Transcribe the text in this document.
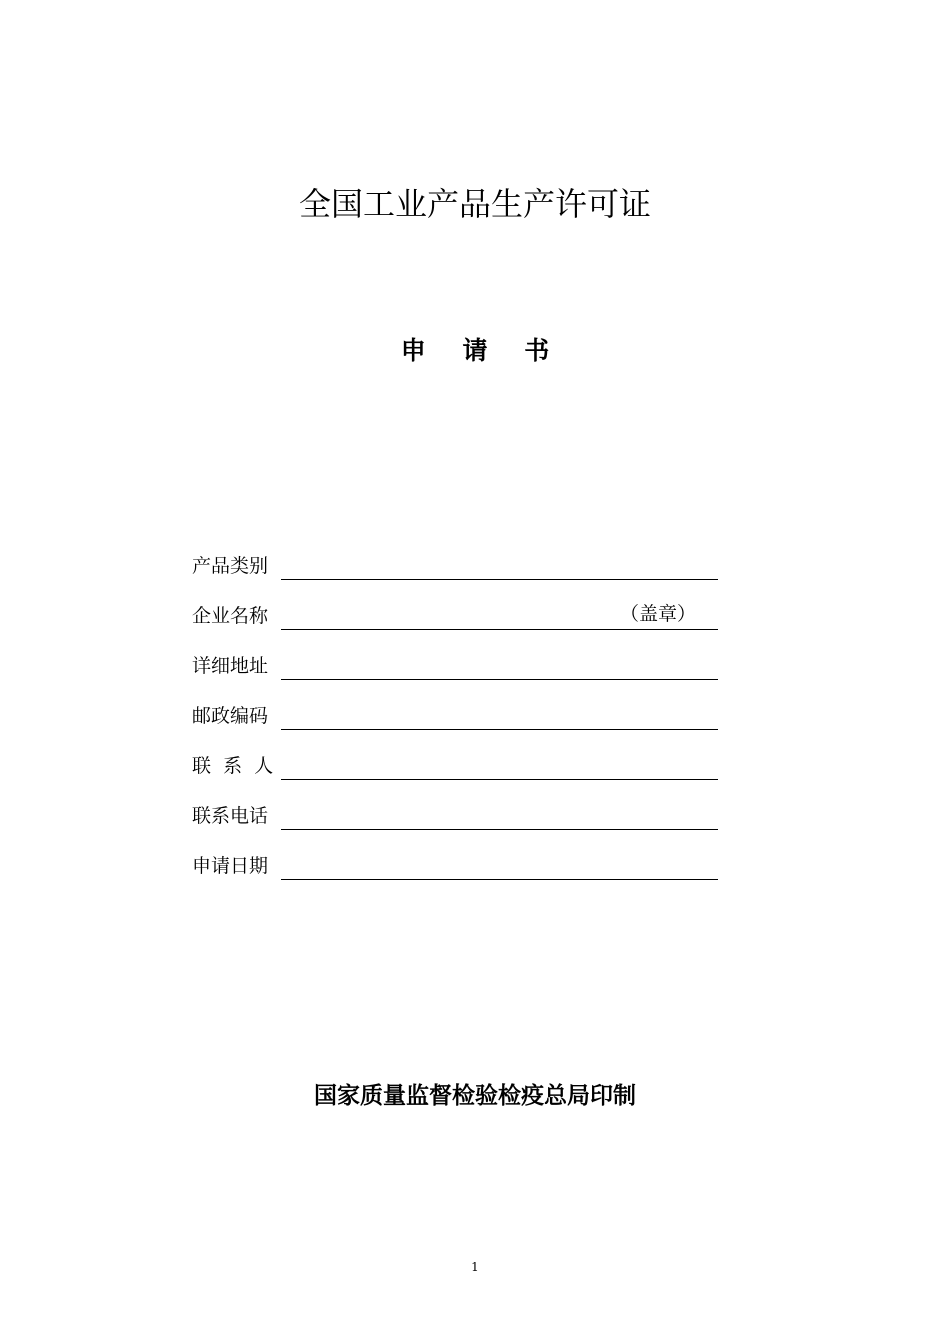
全国工业产品生产许可证
申 请 书
产品类别
企业名称	（盖章）
详细地址
邮政编码
联  系  人
联系电话
申请日期
国家质量监督检验检疫总局印制
1
